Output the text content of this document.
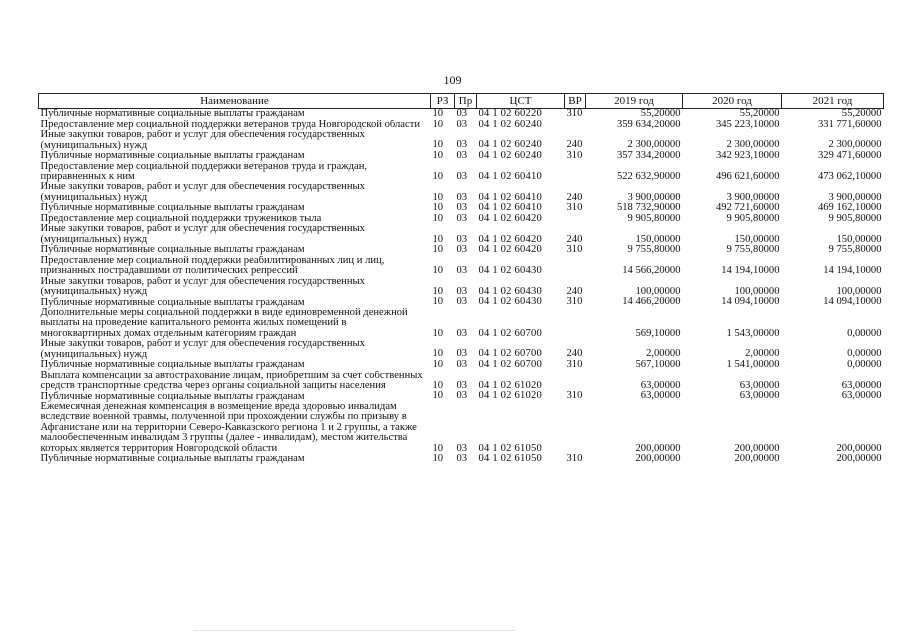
109
Наименование	РЗ	Пр	ЦСТ	ВР	2019 год	2020 год	2021 год
Публичные нормативные социальные выплаты гражданам	10	03	04 1 02 60220	310	55,20000	55,20000	55,20000
Предоставление мер социальной поддержки ветеранов труда Новгородской области	10	03	04 1 02 60240		359 634,20000	345 223,10000	331 771,60000
Иные закупки товаров, работ и услуг для обеспечения государственных (муниципальных) нужд	10	03	04 1 02 60240	240	2 300,00000	2 300,00000	2 300,00000
Публичные нормативные социальные выплаты гражданам	10	03	04 1 02 60240	310	357 334,20000	342 923,10000	329 471,60000
Предоставление мер социальной поддержки ветеранов труда и граждан, приравненных к ним	10	03	04 1 02 60410		522 632,90000	496 621,60000	473 062,10000
Иные закупки товаров, работ и услуг для обеспечения государственных (муниципальных) нужд	10	03	04 1 02 60410	240	3 900,00000	3 900,00000	3 900,00000
Публичные нормативные социальные выплаты гражданам	10	03	04 1 02 60410	310	518 732,90000	492 721,60000	469 162,10000
Предоставление мер социальной поддержки тружеников тыла	10	03	04 1 02 60420		9 905,80000	9 905,80000	9 905,80000
Иные закупки товаров, работ и услуг для обеспечения государственных (муниципальных) нужд	10	03	04 1 02 60420	240	150,00000	150,00000	150,00000
Публичные нормативные социальные выплаты гражданам	10	03	04 1 02 60420	310	9 755,80000	9 755,80000	9 755,80000
Предоставление мер социальной поддержки реабилитированных лиц и лиц, признанных пострадавшими от политических репрессий	10	03	04 1 02 60430		14 566,20000	14 194,10000	14 194,10000
Иные закупки товаров, работ и услуг для обеспечения государственных (муниципальных) нужд	10	03	04 1 02 60430	240	100,00000	100,00000	100,00000
Публичные нормативные социальные выплаты гражданам	10	03	04 1 02 60430	310	14 466,20000	14 094,10000	14 094,10000
Дополнительные меры социальной поддержки в виде единовременной денежной выплаты на проведение капитального ремонта жилых помещений в многоквартирных домах отдельным категориям граждан	10	03	04 1 02 60700		569,10000	1 543,00000	0,00000
Иные закупки товаров, работ и услуг для обеспечения государственных (муниципальных) нужд	10	03	04 1 02 60700	240	2,00000	2,00000	0,00000
Публичные нормативные социальные выплаты гражданам	10	03	04 1 02 60700	310	567,10000	1 541,00000	0,00000
Выплата компенсации за автострахование лицам, приобретшим за счет собственных средств транспортные средства через органы социальной защиты населения	10	03	04 1 02 61020		63,00000	63,00000	63,00000
Публичные нормативные социальные выплаты гражданам	10	03	04 1 02 61020	310	63,00000	63,00000	63,00000
Ежемесячная денежная компенсация в возмещение вреда здоровью инвалидам вследствие военной травмы, полученной при прохождении службы по призыву в Афганистане или на территории Северо-Кавказского региона 1 и 2 группы, а также малообеспеченным инвалидам 3 группы (далее - инвалидам), местом жительства которых является территория Новгородской области	10	03	04 1 02 61050		200,00000	200,00000	200,00000
Публичные нормативные социальные выплаты гражданам	10	03	04 1 02 61050	310	200,00000	200,00000	200,00000
